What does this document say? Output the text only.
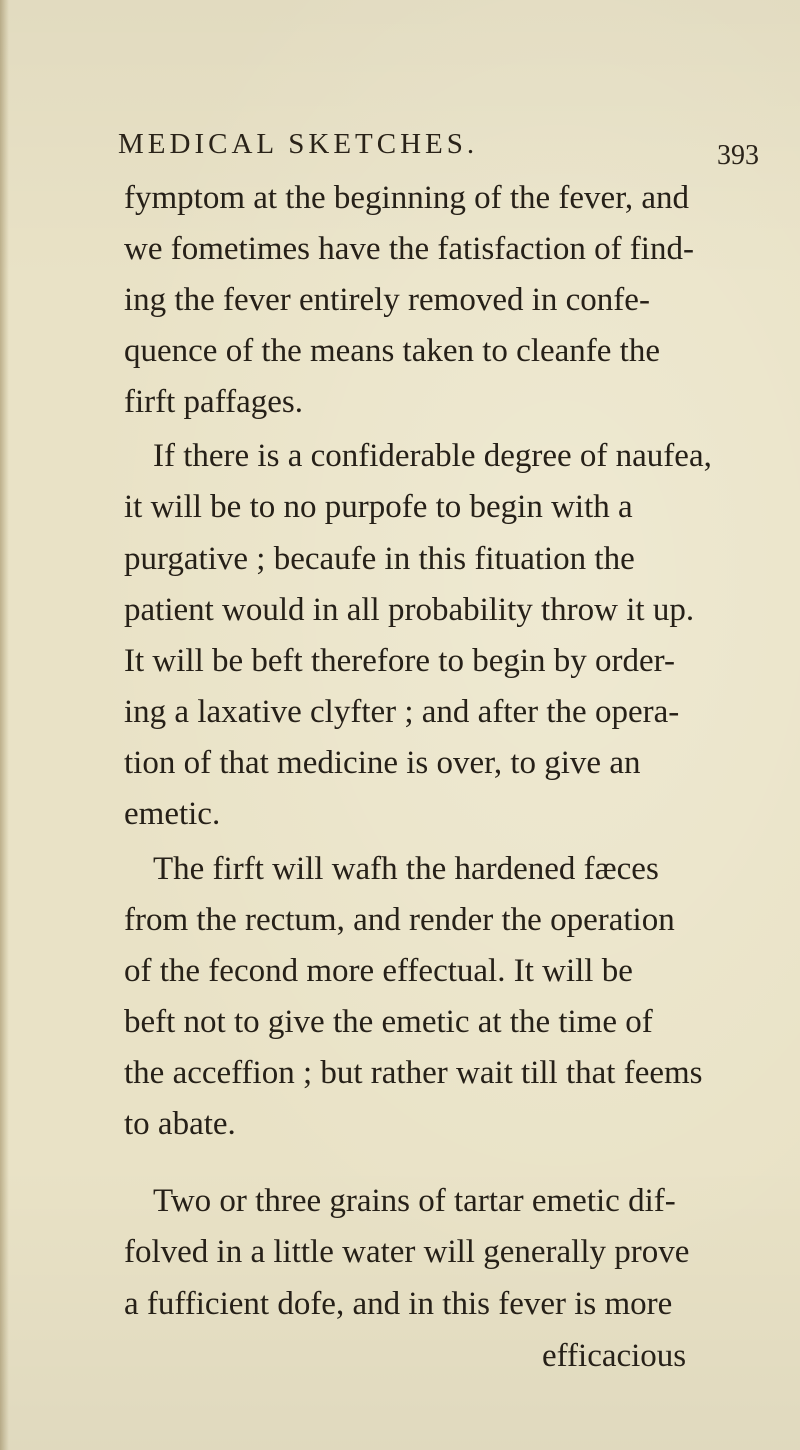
MEDICAL SKETCHES.	393
fymptom at the beginning of the fever, and
we fometimes have the fatisfaction of find-
ing the fever entirely removed in confe-
quence of the means taken to cleanfe the
firft paffages.
If there is a confiderable degree of naufea,
it will be to no purpofe to begin with a
purgative ; becaufe in this fituation the
patient would in all probability throw it up.
It will be beft therefore to begin by order-
ing a laxative clyfter ; and after the opera-
tion of that medicine is over, to give an
emetic.
The firft will wafh the hardened fæces
from the rectum, and render the operation
of the fecond more effectual. It will be
beft not to give the emetic at the time of
the acceffion ; but rather wait till that feems
to abate.
Two or three grains of tartar emetic dif-
folved in a little water will generally prove
a fufficient dofe, and in this fever is more
efficacious
